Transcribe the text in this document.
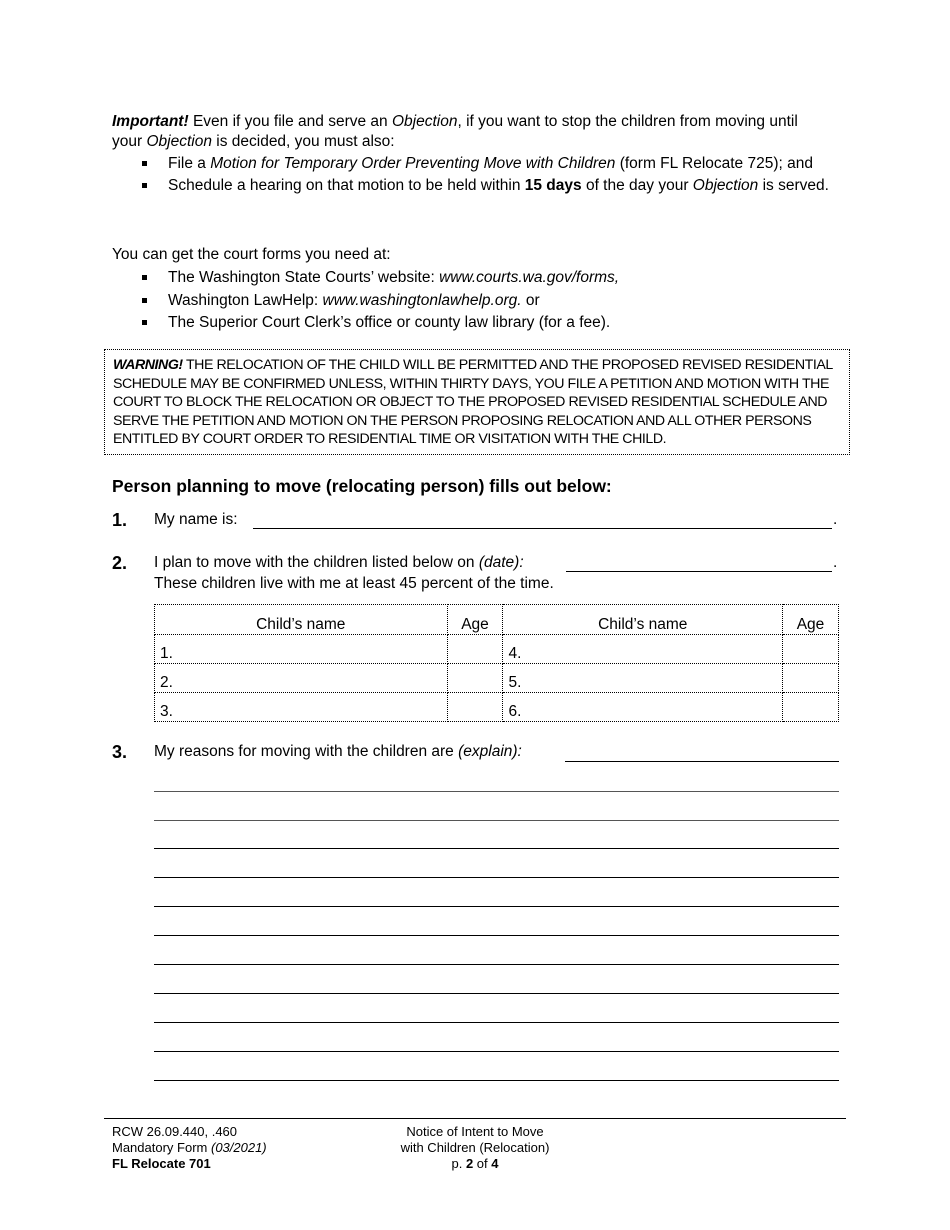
Important! Even if you file and serve an Objection, if you want to stop the children from moving until your Objection is decided, you must also:

File a Motion for Temporary Order Preventing Move with Children (form FL Relocate 725); and
Schedule a hearing on that motion to be held within 15 days of the day your Objection is served.

You can get the court forms you need at:

The Washington State Courts’ website: www.courts.wa.gov/forms,
Washington LawHelp: www.washingtonlawhelp.org. or
The Superior Court Clerk’s office or county law library (for a fee).
WARNING! THE RELOCATION OF THE CHILD WILL BE PERMITTED AND THE PROPOSED REVISED RESIDENTIAL SCHEDULE MAY BE CONFIRMED UNLESS, WITHIN THIRTY DAYS, YOU FILE A PETITION AND MOTION WITH THE COURT TO BLOCK THE RELOCATION OR OBJECT TO THE PROPOSED REVISED RESIDENTIAL SCHEDULE AND SERVE THE PETITION AND MOTION ON THE PERSON PROPOSING RELOCATION AND ALL OTHER PERSONS ENTITLED BY COURT ORDER TO RESIDENTIAL TIME OR VISITATION WITH THE CHILD.
Person planning to move (relocating person) fills out below:
1. My name is:	.
2. I plan to move with the children listed below on (date):	.
These children live with me at least 45 percent of the time.
Child’s name	Age	Child’s name	Age
1.		4.	
2.		5.	
3.		6.	
3. My reasons for moving with the children are (explain):
RCW 26.09.440, .460
Mandatory Form (03/2021)
FL Relocate 701
Notice of Intent to Move
with Children (Relocation)
p. 2 of 4
